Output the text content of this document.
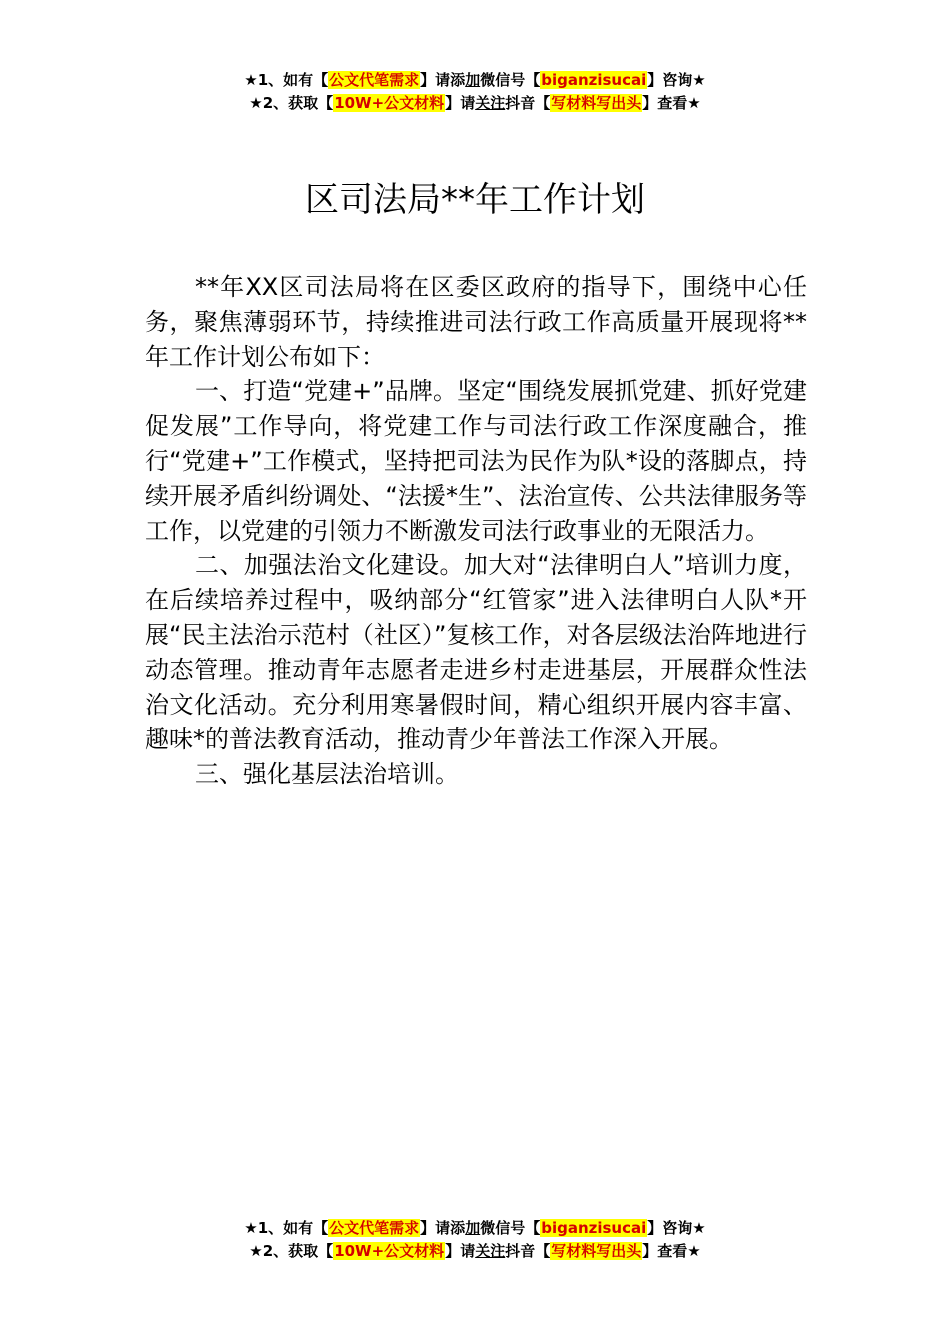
★1、如有【公文代笔需求】请添加微信号【biganzisucai】咨询★
★2、获取【10W+公文材料】请关注抖音【写材料写出头】查看★
区司法局**年工作计划

**年XX区司法局将在区委区政府的指导下，围绕中心任务，聚焦薄弱环节，持续推进司法行政工作高质量开展现将**年工作计划公布如下：

一、打造“党建+”品牌。坚定“围绕发展抓党建、抓好党建促发展”工作导向，将党建工作与司法行政工作深度融合，推行“党建+”工作模式，坚持把司法为民作为队*设的落脚点，持续开展矛盾纠纷调处、“法援*生”、法治宣传、公共法律服务等工作，以党建的引领力不断激发司法行政事业的无限活力。

二、加强法治文化建设。加大对“法律明白人”培训力度，在后续培养过程中，吸纳部分“红管家”进入法律明白人队*开展“民主法治示范村（社区）”复核工作，对各层级法治阵地进行动态管理。推动青年志愿者走进乡村走进基层，开展群众性法治文化活动。充分利用寒暑假时间，精心组织开展内容丰富、趣味*的普法教育活动，推动青少年普法工作深入开展。

三、强化基层法治培训。

★1、如有【公文代笔需求】请添加微信号【biganzisucai】咨询★
★2、获取【10W+公文材料】请关注抖音【写材料写出头】查看★
